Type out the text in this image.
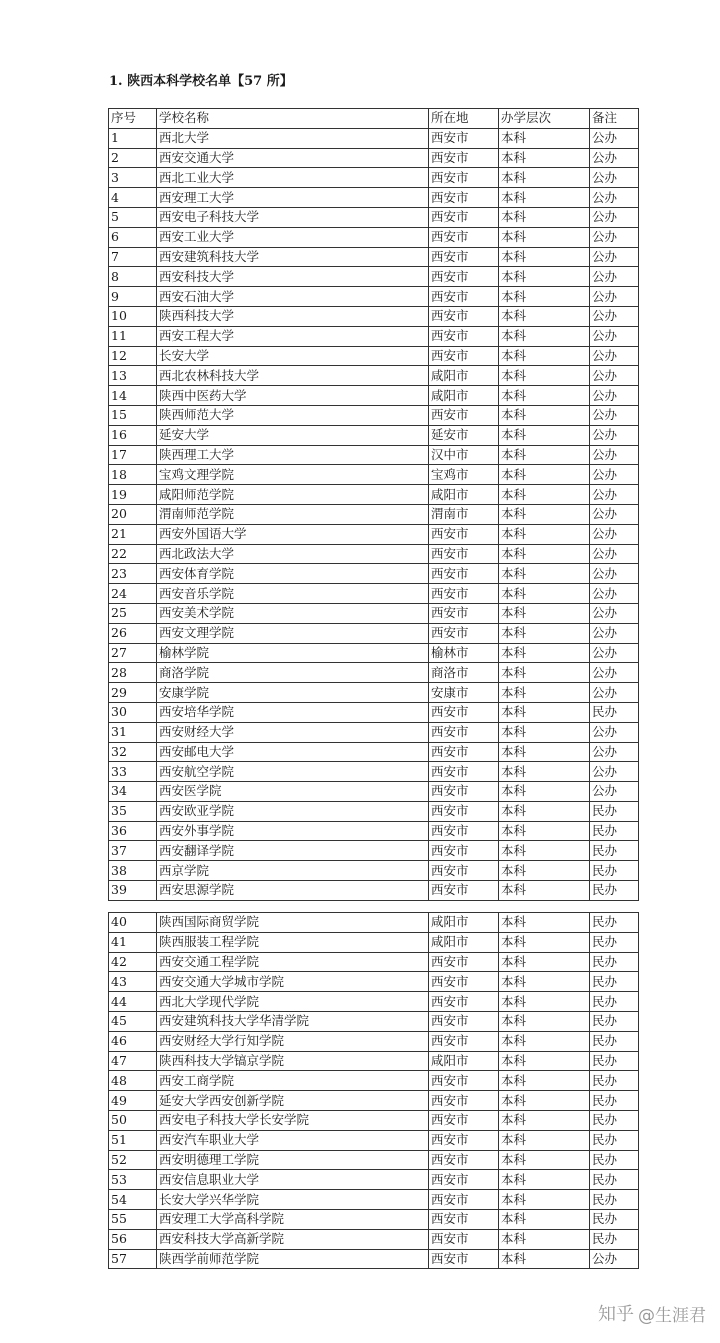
1. 陕西本科学校名单【57 所】
序号	学校名称	所在地	办学层次	备注
1	西北大学	西安市	本科	公办
2	西安交通大学	西安市	本科	公办
3	西北工业大学	西安市	本科	公办
4	西安理工大学	西安市	本科	公办
5	西安电子科技大学	西安市	本科	公办
6	西安工业大学	西安市	本科	公办
7	西安建筑科技大学	西安市	本科	公办
8	西安科技大学	西安市	本科	公办
9	西安石油大学	西安市	本科	公办
10	陕西科技大学	西安市	本科	公办
11	西安工程大学	西安市	本科	公办
12	长安大学	西安市	本科	公办
13	西北农林科技大学	咸阳市	本科	公办
14	陕西中医药大学	咸阳市	本科	公办
15	陕西师范大学	西安市	本科	公办
16	延安大学	延安市	本科	公办
17	陕西理工大学	汉中市	本科	公办
18	宝鸡文理学院	宝鸡市	本科	公办
19	咸阳师范学院	咸阳市	本科	公办
20	渭南师范学院	渭南市	本科	公办
21	西安外国语大学	西安市	本科	公办
22	西北政法大学	西安市	本科	公办
23	西安体育学院	西安市	本科	公办
24	西安音乐学院	西安市	本科	公办
25	西安美术学院	西安市	本科	公办
26	西安文理学院	西安市	本科	公办
27	榆林学院	榆林市	本科	公办
28	商洛学院	商洛市	本科	公办
29	安康学院	安康市	本科	公办
30	西安培华学院	西安市	本科	民办
31	西安财经大学	西安市	本科	公办
32	西安邮电大学	西安市	本科	公办
33	西安航空学院	西安市	本科	公办
34	西安医学院	西安市	本科	公办
35	西安欧亚学院	西安市	本科	民办
36	西安外事学院	西安市	本科	民办
37	西安翻译学院	西安市	本科	民办
38	西京学院	西安市	本科	民办
39	西安思源学院	西安市	本科	民办
40	陕西国际商贸学院	咸阳市	本科	民办
41	陕西服装工程学院	咸阳市	本科	民办
42	西安交通工程学院	西安市	本科	民办
43	西安交通大学城市学院	西安市	本科	民办
44	西北大学现代学院	西安市	本科	民办
45	西安建筑科技大学华清学院	西安市	本科	民办
46	西安财经大学行知学院	西安市	本科	民办
47	陕西科技大学镐京学院	咸阳市	本科	民办
48	西安工商学院	西安市	本科	民办
49	延安大学西安创新学院	西安市	本科	民办
50	西安电子科技大学长安学院	西安市	本科	民办
51	西安汽车职业大学	西安市	本科	民办
52	西安明德理工学院	西安市	本科	民办
53	西安信息职业大学	西安市	本科	民办
54	长安大学兴华学院	西安市	本科	民办
55	西安理工大学高科学院	西安市	本科	民办
56	西安科技大学高新学院	西安市	本科	民办
57	陕西学前师范学院	西安市	本科	公办
知乎 @生涯君
